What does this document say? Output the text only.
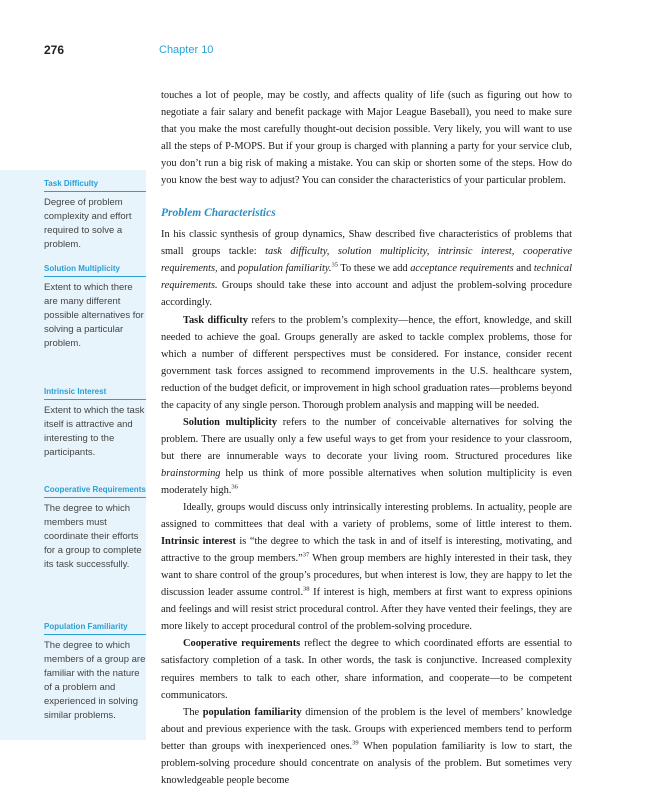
276	Chapter 10
Task Difficulty
Degree of problem complexity and effort required to solve a problem.
Solution Multiplicity
Extent to which there are many different possible alternatives for solving a particular problem.
Intrinsic Interest
Extent to which the task itself is attractive and interesting to the participants.
Cooperative Requirements
The degree to which members must coordinate their efforts for a group to complete its task successfully.
Population Familiarity
The degree to which members of a group are familiar with the nature of a problem and experienced in solving similar problems.

touches a lot of people, may be costly, and affects quality of life (such as figuring out how to negotiate a fair salary and benefit package with Major League Baseball), you need to make sure that you make the most carefully thought-out decision possible. Very likely, you will want to use all the steps of P-MOPS. But if your group is charged with planning a party for your service club, you don’t run a big risk of making a mistake. You can skip or shorten some of the steps. How do you know the best way to adjust? You can consider the characteristics of your particular problem.

Problem Characteristics

In his classic synthesis of group dynamics, Shaw described five characteristics of problems that small groups tackle: task difficulty, solution multiplicity, intrinsic interest, cooperative requirements, and population familiarity.$^{35}$ To these we add acceptance requirements and technical requirements. Groups should take these into account and adjust the problem-solving procedure accordingly.

Task difficulty refers to the problem’s complexity—hence, the effort, knowledge, and skill needed to achieve the goal. Groups generally are asked to tackle complex problems, those for which a number of different perspectives must be considered. For instance, consider recent government task forces assigned to recommend improvements in the U.S. healthcare system, reduction of the budget deficit, or improvement in high school graduation rates—problems beyond the capacity of any single person. Thorough problem analysis and mapping will be needed.

Solution multiplicity refers to the number of conceivable alternatives for solving the problem. There are usually only a few useful ways to get from your residence to your classroom, but there are innumerable ways to decorate your living room. Structured procedures like brainstorming help us think of more possible alternatives when solution multiplicity is even moderately high.$^{36}$

Ideally, groups would discuss only intrinsically interesting problems. In actuality, people are assigned to committees that deal with a variety of problems, some of little interest to them. Intrinsic interest is “the degree to which the task in and of itself is interesting, motivating, and attractive to the group members.”$^{37}$ When group members are highly interested in their task, they want to share control of the group’s procedures, but when interest is low, they are happy to let the discussion leader assume control.$^{38}$ If interest is high, members at first want to express opinions and feelings and will resist strict procedural control. After they have vented their feelings, they are more likely to accept procedural control of the problem-solving procedure.

Cooperative requirements reflect the degree to which coordinated efforts are essential to satisfactory completion of a task. In other words, the task is conjunctive. Increased complexity requires members to talk to each other, share information, and cooperate—to be competent communicators.

The population familiarity dimension of the problem is the level of members’ knowledge about and previous experience with the task. Groups with experienced members tend to perform better than groups with inexperienced ones.$^{39}$ When population familiarity is low to start, the problem-solving procedure should concentrate on analysis of the problem. But sometimes very knowledgeable people become
